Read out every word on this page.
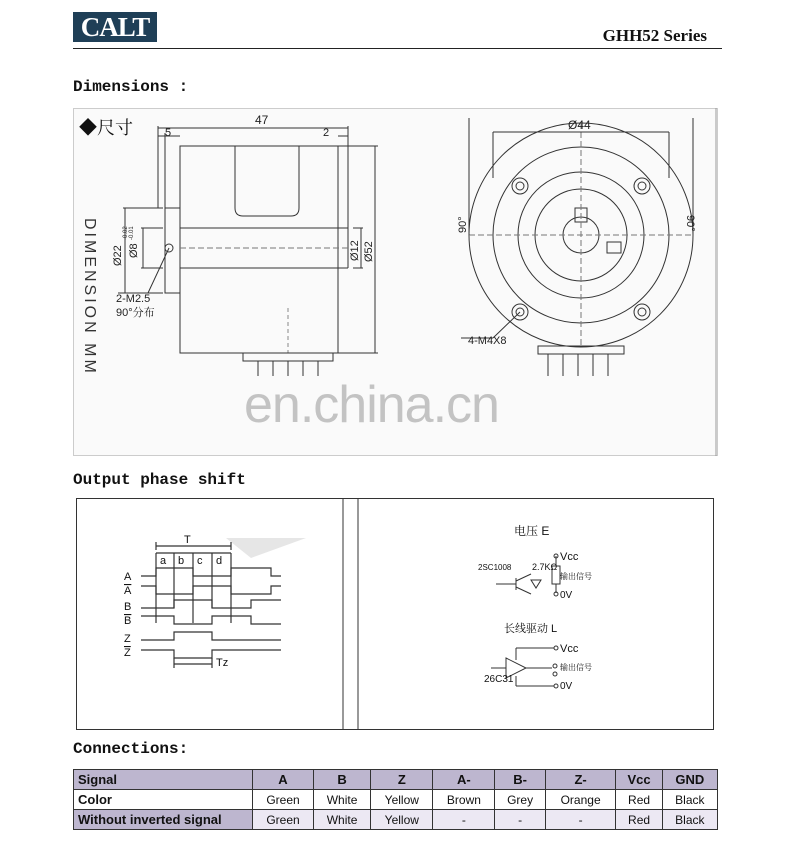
CALT	GHH52 Series
Dimensions :
◆尺寸
DIMENSION MM
47
5	2
Ø22 Ø8
-0.02 -0.01
Ø12 Ø52
2-M2.5
90°分布
Ø44
90°	90°
4-M4X8
en.china.cn
Output phase shift
T
a b c d
A
A
B
B
Z
Z
Tz
电压 E
Vcc
2SC1008 2.7KΩ
输出信号
0V
长线驱动 L
Vcc
输出信号
26C31
0V
Connections:
Signal	A	B	Z	A-	B-	Z-	Vcc	GND
Color	Green	White	Yellow	Brown	Grey	Orange	Red	Black
Without inverted signal	Green	White	Yellow	-	-	-	Red	Black
